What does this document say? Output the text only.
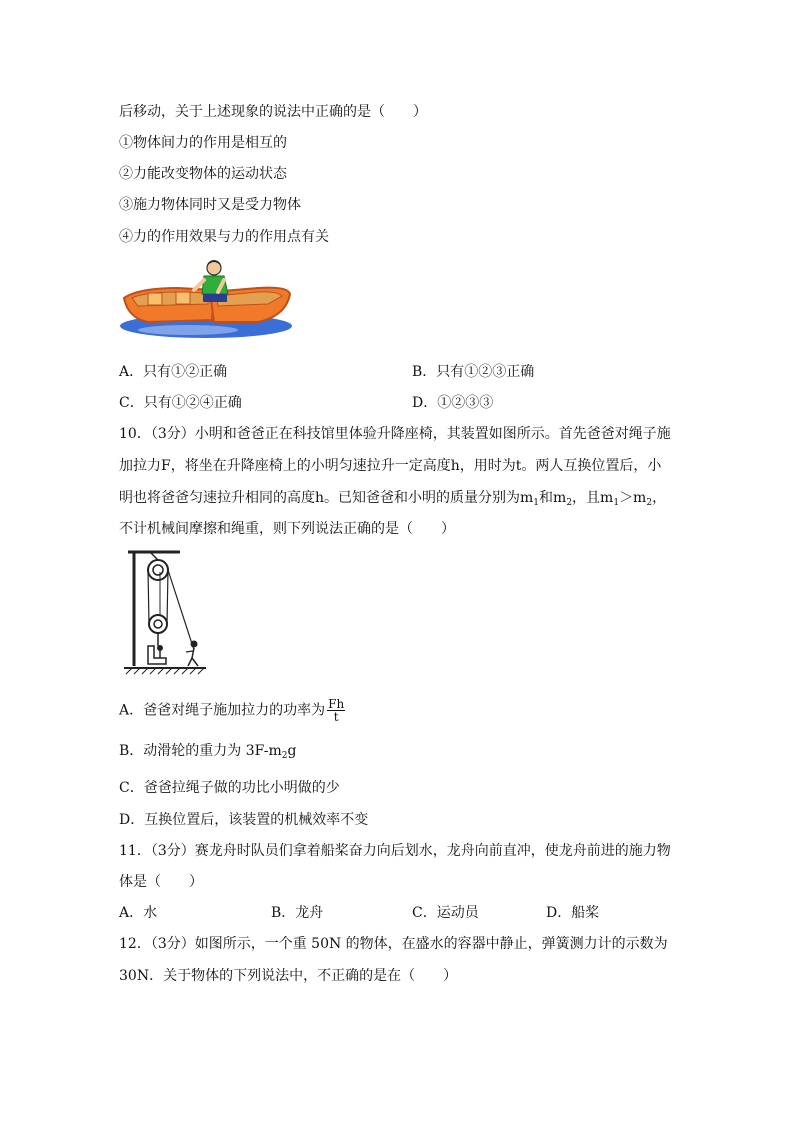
后移动，关于上述现象的说法中正确的是（　　）
①物体间力的作用是相互的
②力能改变物体的运动状态
③施力物体同时又是受力物体
④力的作用效果与力的作用点有关
A．只有①②正确	B．只有①②③正确
C．只有①②④正确	D．①②③③
10．（3分）小明和爸爸正在科技馆里体验升降座椅，其装置如图所示。首先爸爸对绳子施
加拉力F，将坐在升降座椅上的小明匀速拉升一定高度h，用时为t。两人互换位置后，小
明也将爸爸匀速拉升相同的高度h。已知爸爸和小明的质量分别为$m_1$和$m_2$，且$m_1>m_2$，
不计机械间摩擦和绳重，则下列说法正确的是（　　）
A．爸爸对绳子施加拉力的功率为 $\frac{Fh}{t}$
B．动滑轮的重力为 $3F-m_2g$
C．爸爸拉绳子做的功比小明做的少
D．互换位置后，该装置的机械效率不变
11．（3分）赛龙舟时队员们拿着船桨奋力向后划水，龙舟向前直冲，使龙舟前进的施力物
体是（　　）
A．水	B．龙舟	C．运动员	D．船桨
12．（3分）如图所示，一个重 50N 的物体，在盛水的容器中静止，弹簧测力计的示数为
30N．关于物体的下列说法中，不正确的是在（　　）
